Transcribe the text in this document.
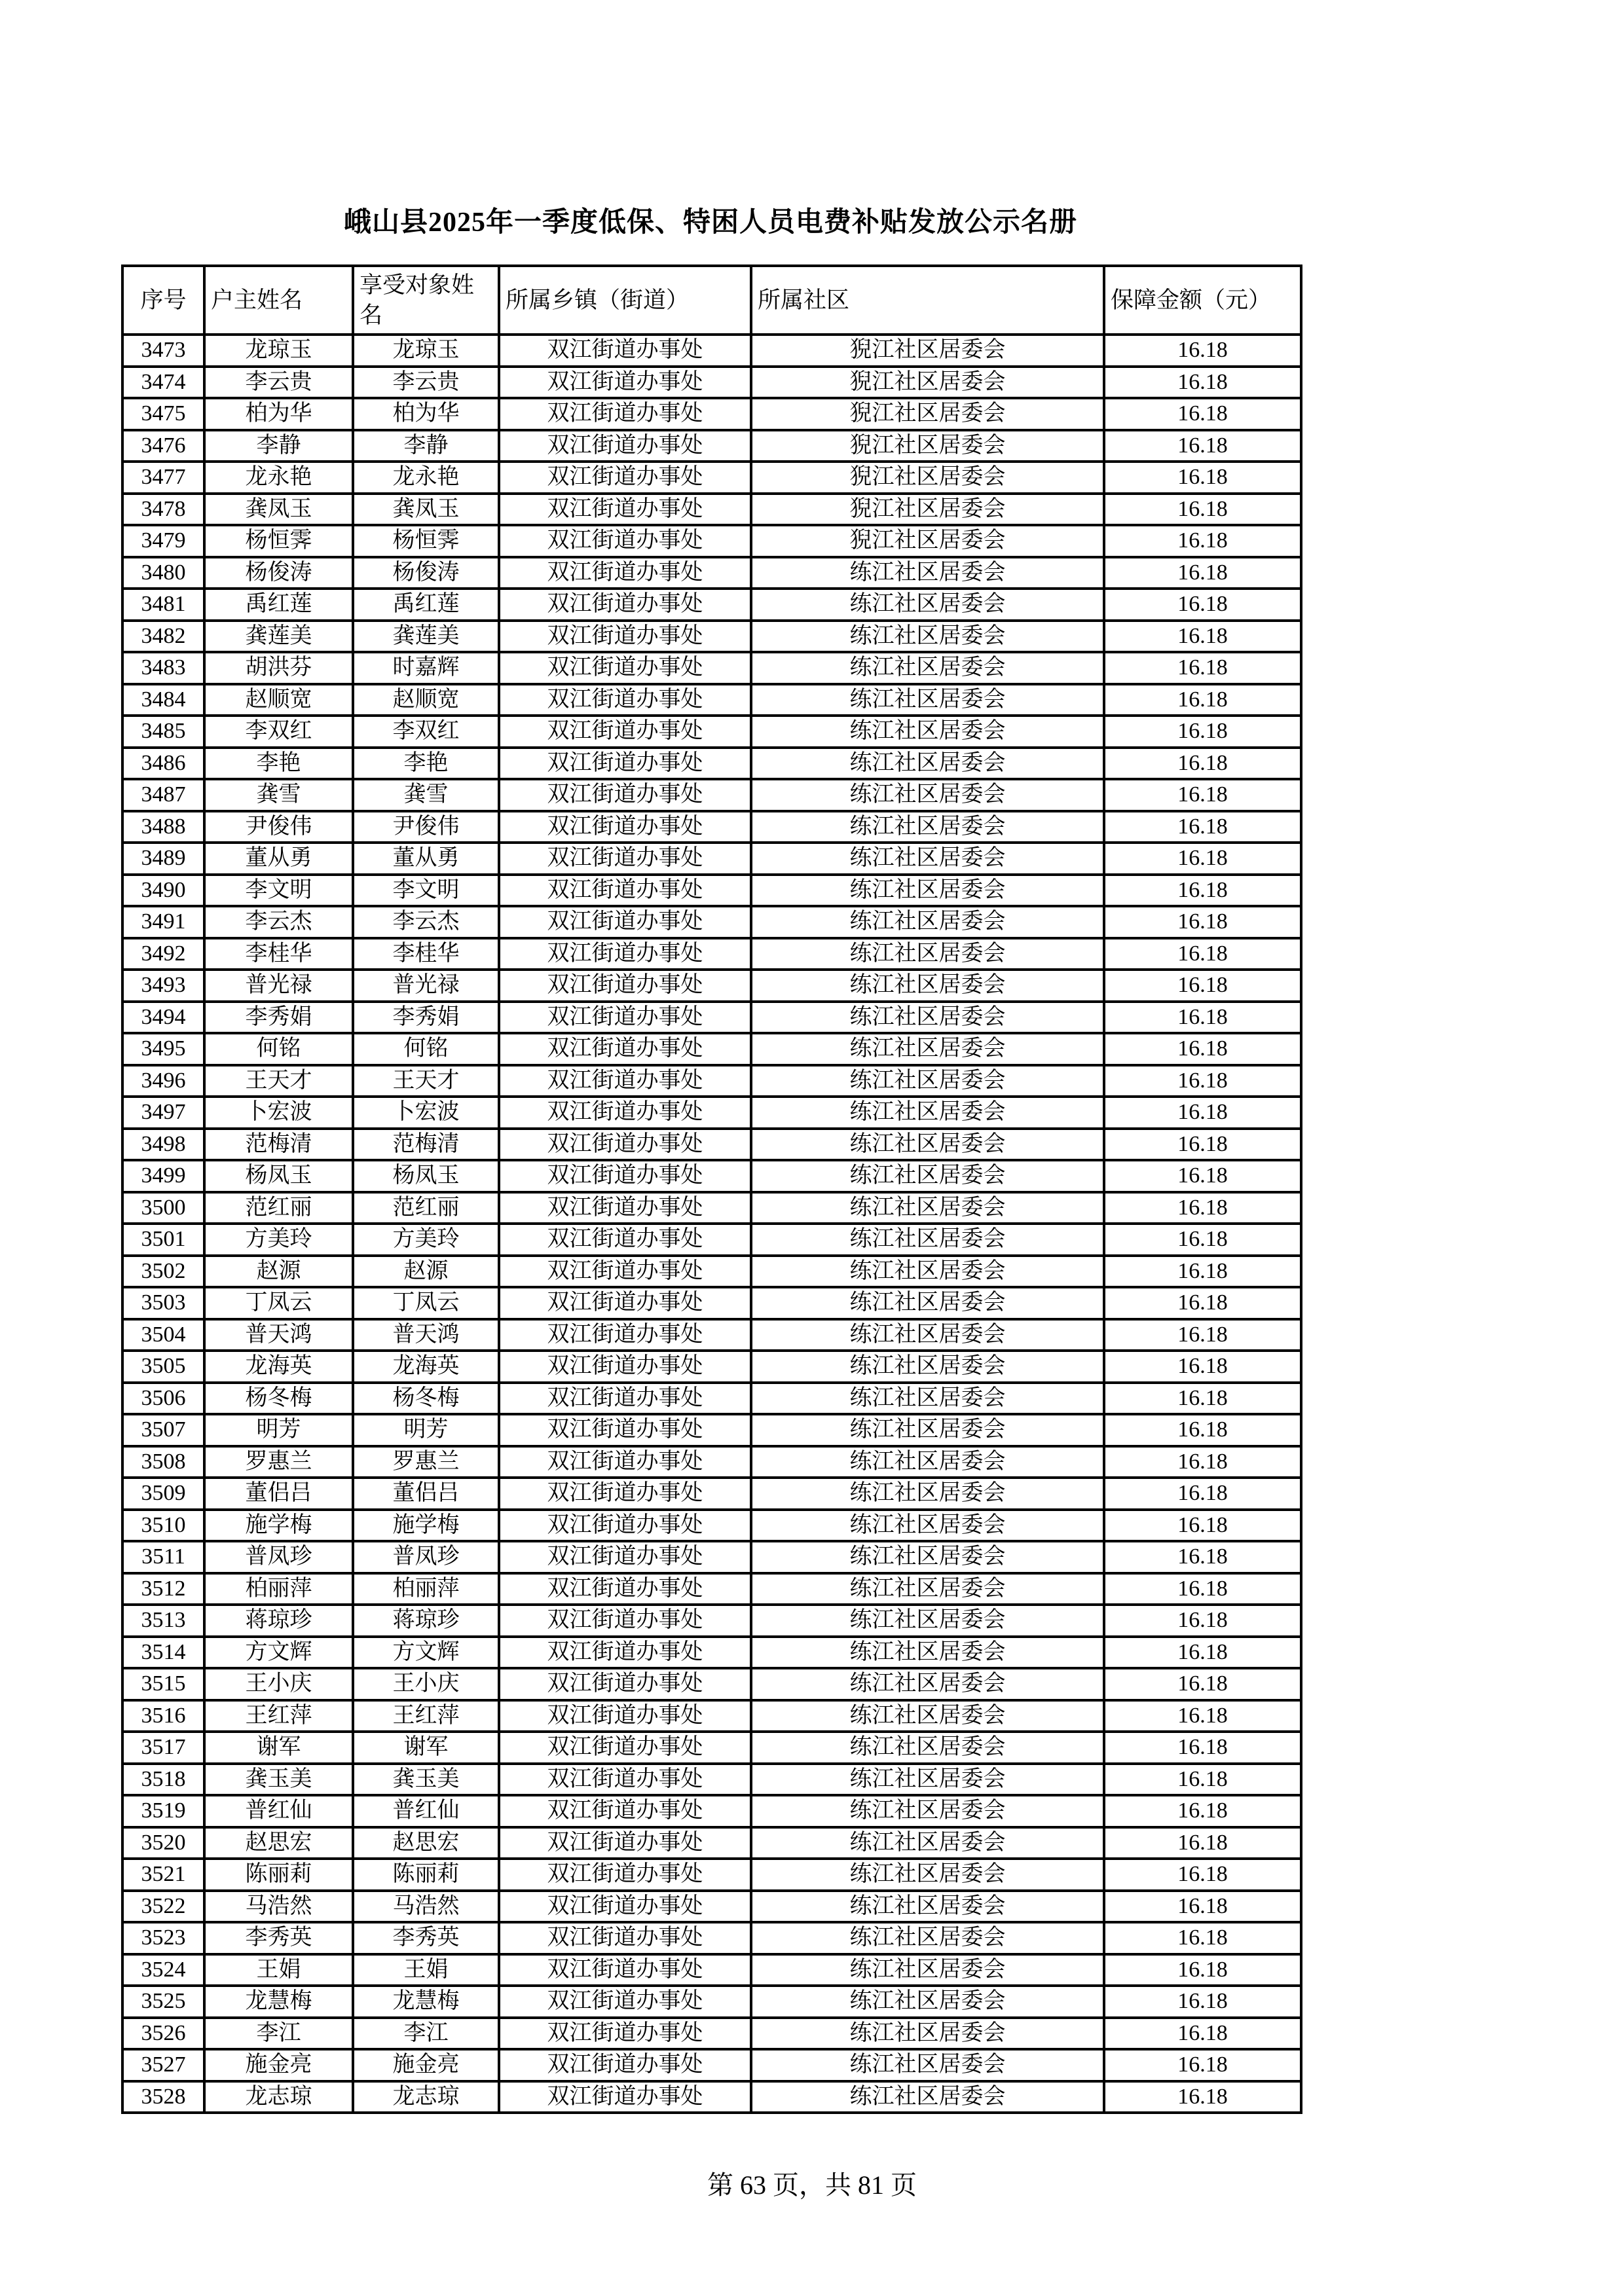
峨山县2025年一季度低保、特困人员电费补贴发放公示名册
序号	户主姓名	享受对象姓名	所属乡镇（街道）	所属社区	保障金额（元）
3473	龙琼玉	龙琼玉	双江街道办事处	猊江社区居委会	16.18
3474	李云贵	李云贵	双江街道办事处	猊江社区居委会	16.18
3475	柏为华	柏为华	双江街道办事处	猊江社区居委会	16.18
3476	李静	李静	双江街道办事处	猊江社区居委会	16.18
3477	龙永艳	龙永艳	双江街道办事处	猊江社区居委会	16.18
3478	龚凤玉	龚凤玉	双江街道办事处	猊江社区居委会	16.18
3479	杨恒霁	杨恒霁	双江街道办事处	猊江社区居委会	16.18
3480	杨俊涛	杨俊涛	双江街道办事处	练江社区居委会	16.18
3481	禹红莲	禹红莲	双江街道办事处	练江社区居委会	16.18
3482	龚莲美	龚莲美	双江街道办事处	练江社区居委会	16.18
3483	胡洪芬	时嘉辉	双江街道办事处	练江社区居委会	16.18
3484	赵顺宽	赵顺宽	双江街道办事处	练江社区居委会	16.18
3485	李双红	李双红	双江街道办事处	练江社区居委会	16.18
3486	李艳	李艳	双江街道办事处	练江社区居委会	16.18
3487	龚雪	龚雪	双江街道办事处	练江社区居委会	16.18
3488	尹俊伟	尹俊伟	双江街道办事处	练江社区居委会	16.18
3489	董从勇	董从勇	双江街道办事处	练江社区居委会	16.18
3490	李文明	李文明	双江街道办事处	练江社区居委会	16.18
3491	李云杰	李云杰	双江街道办事处	练江社区居委会	16.18
3492	李桂华	李桂华	双江街道办事处	练江社区居委会	16.18
3493	普光禄	普光禄	双江街道办事处	练江社区居委会	16.18
3494	李秀娟	李秀娟	双江街道办事处	练江社区居委会	16.18
3495	何铭	何铭	双江街道办事处	练江社区居委会	16.18
3496	王天才	王天才	双江街道办事处	练江社区居委会	16.18
3497	卜宏波	卜宏波	双江街道办事处	练江社区居委会	16.18
3498	范梅清	范梅清	双江街道办事处	练江社区居委会	16.18
3499	杨凤玉	杨凤玉	双江街道办事处	练江社区居委会	16.18
3500	范红丽	范红丽	双江街道办事处	练江社区居委会	16.18
3501	方美玲	方美玲	双江街道办事处	练江社区居委会	16.18
3502	赵源	赵源	双江街道办事处	练江社区居委会	16.18
3503	丁凤云	丁凤云	双江街道办事处	练江社区居委会	16.18
3504	普天鸿	普天鸿	双江街道办事处	练江社区居委会	16.18
3505	龙海英	龙海英	双江街道办事处	练江社区居委会	16.18
3506	杨冬梅	杨冬梅	双江街道办事处	练江社区居委会	16.18
3507	明芳	明芳	双江街道办事处	练江社区居委会	16.18
3508	罗惠兰	罗惠兰	双江街道办事处	练江社区居委会	16.18
3509	董侣吕	董侣吕	双江街道办事处	练江社区居委会	16.18
3510	施学梅	施学梅	双江街道办事处	练江社区居委会	16.18
3511	普凤珍	普凤珍	双江街道办事处	练江社区居委会	16.18
3512	柏丽萍	柏丽萍	双江街道办事处	练江社区居委会	16.18
3513	蒋琼珍	蒋琼珍	双江街道办事处	练江社区居委会	16.18
3514	方文辉	方文辉	双江街道办事处	练江社区居委会	16.18
3515	王小庆	王小庆	双江街道办事处	练江社区居委会	16.18
3516	王红萍	王红萍	双江街道办事处	练江社区居委会	16.18
3517	谢军	谢军	双江街道办事处	练江社区居委会	16.18
3518	龚玉美	龚玉美	双江街道办事处	练江社区居委会	16.18
3519	普红仙	普红仙	双江街道办事处	练江社区居委会	16.18
3520	赵思宏	赵思宏	双江街道办事处	练江社区居委会	16.18
3521	陈丽莉	陈丽莉	双江街道办事处	练江社区居委会	16.18
3522	马浩然	马浩然	双江街道办事处	练江社区居委会	16.18
3523	李秀英	李秀英	双江街道办事处	练江社区居委会	16.18
3524	王娟	王娟	双江街道办事处	练江社区居委会	16.18
3525	龙慧梅	龙慧梅	双江街道办事处	练江社区居委会	16.18
3526	李江	李江	双江街道办事处	练江社区居委会	16.18
3527	施金亮	施金亮	双江街道办事处	练江社区居委会	16.18
3528	龙志琼	龙志琼	双江街道办事处	练江社区居委会	16.18
第 63 页，共 81 页
